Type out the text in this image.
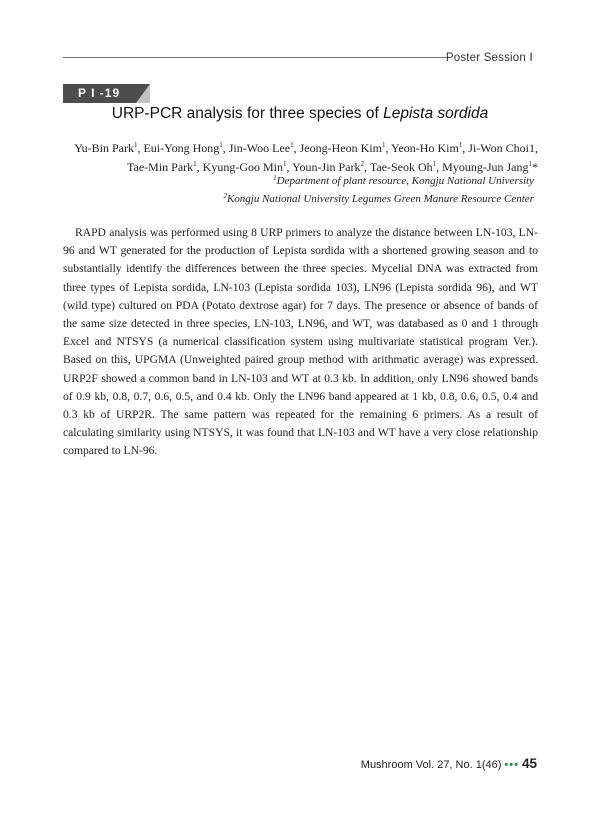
Poster Session Ⅰ
P I -19
URP-PCR analysis for three species of Lepista sordida
Yu-Bin Park$^1$, Eui-Yong Hong$^1$, Jin-Woo Lee$^1$, Jeong-Heon Kim$^1$, Yeon-Ho Kim$^1$, Ji-Won Choi1,
Tae-Min Park$^1$, Kyung-Goo Min$^1$, Youn-Jin Park$^2$, Tae-Seok Oh$^1$, Myoung-Jun Jang$^1$*
$^1$Department of plant resource, Kongju National University
$^2$Kongju National University Legumes Green Manure Resource Center

RAPD analysis was performed using 8 URP primers to analyze the distance between LN-103, LN-96 and WT generated for the production of Lepista sordida with a shortened growing season and to substantially identify the differences between the three species. Mycelial DNA was extracted from three types of Lepista sordida, LN-103 (Lepista sordida 103), LN96 (Lepista sordida 96), and WT (wild type) cultured on PDA (Potato dextrose agar) for 7 days. The presence or absence of bands of the same size detected in three species, LN-103, LN96, and WT, was databased as 0 and 1 through Excel and NTSYS (a numerical classification system using multivariate statistical program Ver.). Based on this, UPGMA (Unweighted paired group method with arithmatic average) was expressed. URP2F showed a common band in LN-103 and WT at 0.3 kb. In addition, only LN96 showed bands of 0.9 kb, 0.8, 0.7, 0.6, 0.5, and 0.4 kb. Only the LN96 band appeared at 1 kb, 0.8, 0.6, 0.5, 0.4 and 0.3 kb of URP2R. The same pattern was repeated for the remaining 6 primers. As a result of calculating similarity using NTSYS, it was found that LN-103 and WT have a very close relationship compared to LN-96.

Mushroom Vol. 27, No. 1(46) ••• 45
